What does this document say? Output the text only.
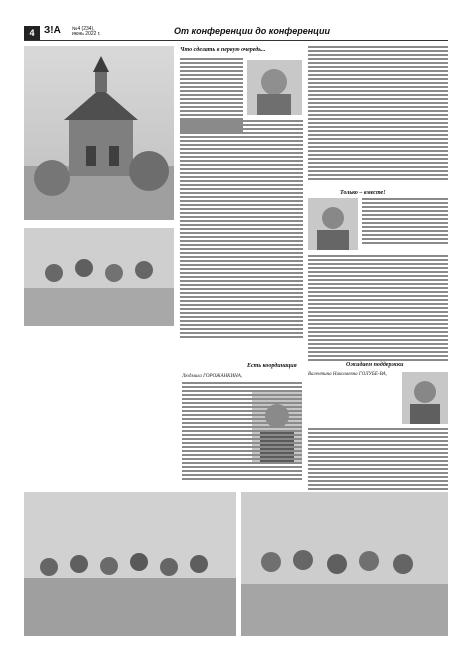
4 З!А №4 (234),
июнь 2022 г.	От конференции до конференции
Что сделать в первую очередь...
Есть координация
Людмила ГОРОЖАНКИНА,
Только – вместе!
Ожидаем поддержки
Валентина Николаевна ГОЛУБЕ-ВА,
